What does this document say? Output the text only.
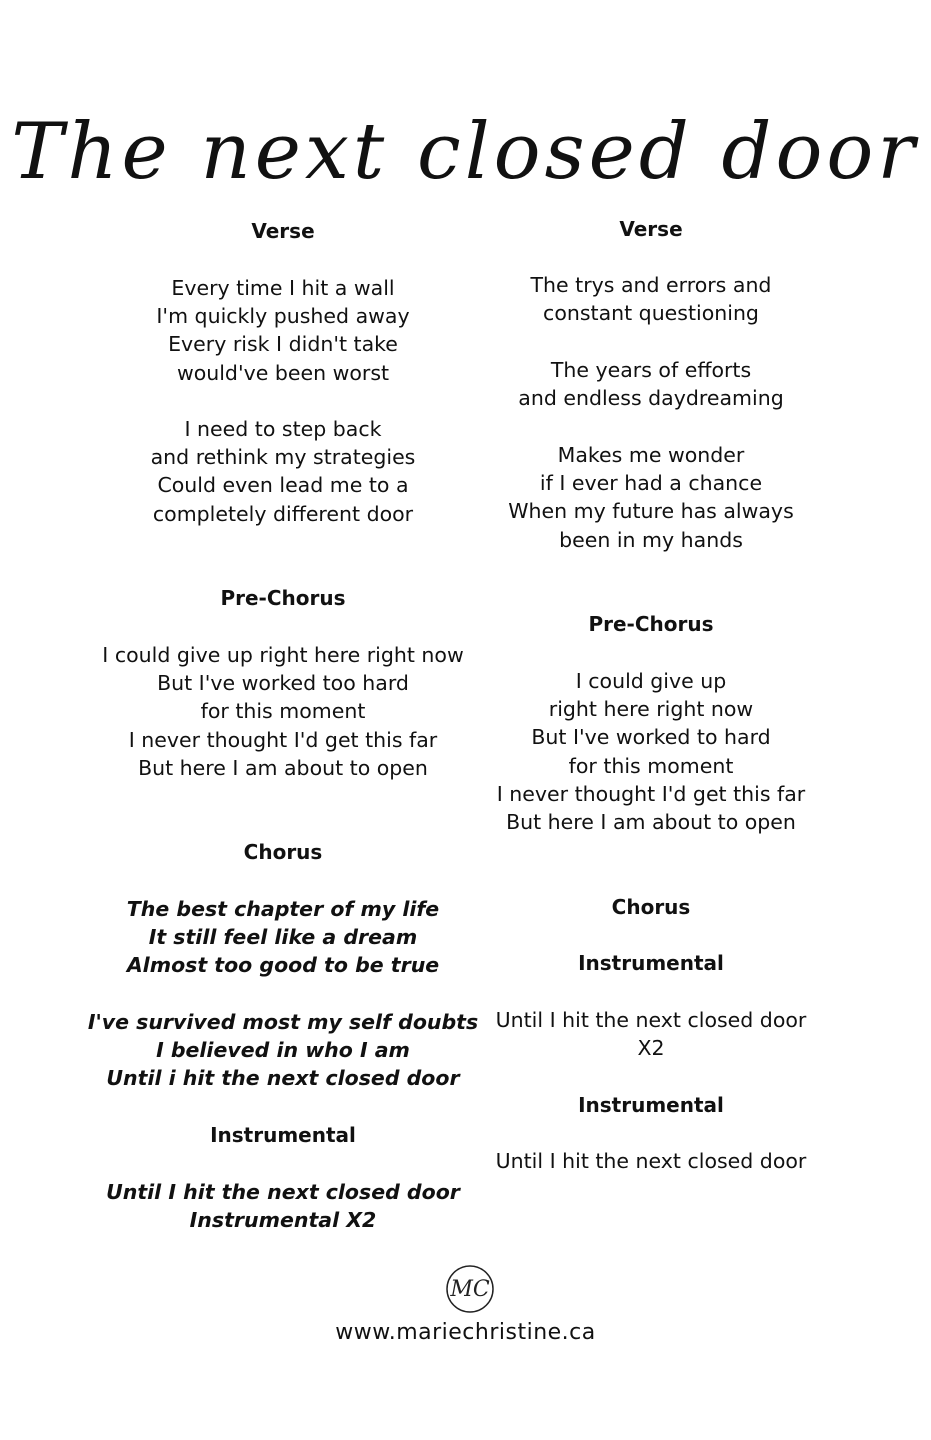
The next closed door
Verse
Every time I hit a wall
I'm quickly pushed away
Every risk I didn't take
would've been worst
I need to step back
and rethink my strategies
Could even lead me to a
completely different door
Pre-Chorus
I could give up right here right now
But I've worked too hard
for this moment
I never thought I'd get this far
But here I am about to open
Chorus
The best chapter of my life
It still feel like a dream
Almost too good to be true
I've survived most my self doubts
I believed in who I am
Until i hit the next closed door
Instrumental
Until I hit the next closed door
Instrumental X2
Verse
The trys and errors and
constant questioning
The years of efforts
and endless daydreaming
Makes me wonder
if I ever had a chance
When my future has always
been in my hands
Pre-Chorus
I could give up
right here right now
But I've worked to hard
for this moment
I never thought I'd get this far
But here I am about to open
Chorus
Instrumental
Until I hit the next closed door
X2
Instrumental
Until I hit the next closed door
MC
www.mariechristine.ca
